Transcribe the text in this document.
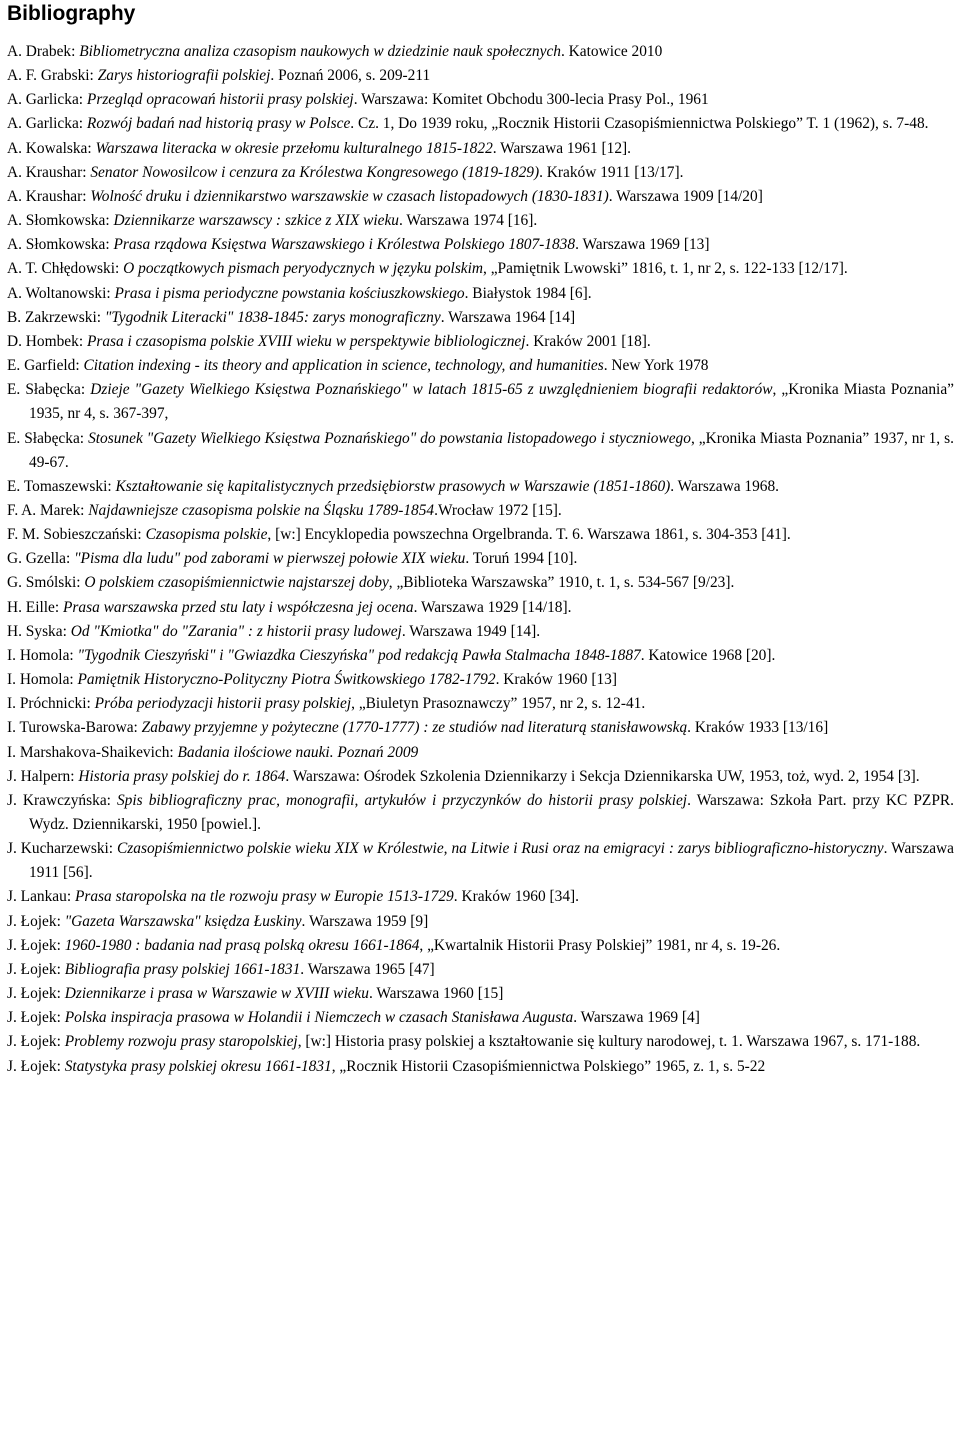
Bibliography
A. Drabek: Bibliometryczna analiza czasopism naukowych w dziedzinie nauk społecznych. Katowice 2010
A. F. Grabski: Zarys historiografii polskiej. Poznań 2006, s. 209-211
A. Garlicka: Przegląd opracowań historii prasy polskiej. Warszawa: Komitet Obchodu 300-lecia Prasy Pol., 1961
A. Garlicka: Rozwój badań nad historią prasy w Polsce. Cz. 1, Do 1939 roku, „Rocznik Historii Czasopiśmiennictwa Polskiego” T. 1 (1962), s. 7-48.
A. Kowalska: Warszawa literacka w okresie przełomu kulturalnego 1815-1822. Warszawa 1961 [12].
A. Kraushar: Senator Nowosilcow i cenzura za Królestwa Kongresowego (1819-1829). Kraków 1911 [13/17].
A. Kraushar: Wolność druku i dziennikarstwo warszawskie w czasach listopadowych (1830-1831). Warszawa 1909 [14/20]
A. Słomkowska: Dziennikarze warszawscy : szkice z XIX wieku. Warszawa 1974 [16].
A. Słomkowska: Prasa rządowa Księstwa Warszawskiego i Królestwa Polskiego 1807-1838. Warszawa 1969 [13]
A. T. Chłędowski: O początkowych pismach peryodycznych w języku polskim, „Pamiętnik Lwowski” 1816, t. 1, nr 2, s. 122-133 [12/17].
A. Woltanowski: Prasa i pisma periodyczne powstania kościuszkowskiego. Białystok 1984 [6].
B. Zakrzewski: "Tygodnik Literacki" 1838-1845: zarys monograficzny. Warszawa 1964 [14]
D. Hombek: Prasa i czasopisma polskie XVIII wieku w perspektywie bibliologicznej. Kraków 2001 [18].
E. Garfield: Citation indexing - its theory and application in science, technology, and humanities. New York 1978
E. Słabęcka: Dzieje "Gazety Wielkiego Księstwa Poznańskiego" w latach 1815-65 z uwzględnieniem biografii redaktorów, „Kronika Miasta Poznania” 1935, nr 4, s. 367-397,
E. Słabęcka: Stosunek "Gazety Wielkiego Księstwa Poznańskiego" do powstania listopadowego i styczniowego, „Kronika Miasta Poznania” 1937, nr 1, s. 49-67.
E. Tomaszewski: Kształtowanie się kapitalistycznych przedsiębiorstw prasowych w Warszawie (1851-1860). Warszawa 1968.
F. A. Marek: Najdawniejsze czasopisma polskie na Śląsku 1789-1854.Wrocław 1972 [15].
F. M. Sobieszczański: Czasopisma polskie, [w:] Encyklopedia powszechna Orgelbranda. T. 6. Warszawa 1861, s. 304-353 [41].
G. Gzella: "Pisma dla ludu" pod zaborami w pierwszej połowie XIX wieku. Toruń 1994 [10].
G. Smólski: O polskiem czasopiśmiennictwie najstarszej doby, „Biblioteka Warszawska” 1910, t. 1, s. 534-567 [9/23].
H. Eille: Prasa warszawska przed stu laty i współczesna jej ocena. Warszawa 1929 [14/18].
H. Syska: Od "Kmiotka" do "Zarania" : z historii prasy ludowej. Warszawa 1949 [14].
I. Homola: "Tygodnik Cieszyński" i "Gwiazdka Cieszyńska" pod redakcją Pawła Stalmacha 1848-1887. Katowice 1968 [20].
I. Homola: Pamiętnik Historyczno-Polityczny Piotra Świtkowskiego 1782-1792. Kraków 1960 [13]
I. Próchnicki: Próba periodyzacji historii prasy polskiej, „Biuletyn Prasoznawczy” 1957, nr 2, s. 12-41.
I. Turowska-Barowa: Zabawy przyjemne y pożyteczne (1770-1777) : ze studiów nad literaturą stanisławowską. Kraków 1933 [13/16]
I. Marshakova-Shaikevich: Badania ilościowe nauki. Poznań 2009
J. Halpern: Historia prasy polskiej do r. 1864. Warszawa: Ośrodek Szkolenia Dziennikarzy i Sekcja Dziennikarska UW, 1953, toż, wyd. 2, 1954 [3].
J. Krawczyńska: Spis bibliograficzny prac, monografii, artykułów i przyczynków do historii prasy polskiej. Warszawa: Szkoła Part. przy KC PZPR. Wydz. Dziennikarski, 1950 [powiel.].
J. Kucharzewski: Czasopiśmiennictwo polskie wieku XIX w Królestwie, na Litwie i Rusi oraz na emigracyi : zarys bibliograficzno-historyczny. Warszawa 1911 [56].
J. Lankau: Prasa staropolska na tle rozwoju prasy w Europie 1513-1729. Kraków 1960 [34].
J. Łojek: "Gazeta Warszawska" księdza Łuskiny. Warszawa 1959 [9]
J. Łojek: 1960-1980 : badania nad prasą polską okresu 1661-1864, „Kwartalnik Historii Prasy Polskiej” 1981, nr 4, s. 19-26.
J. Łojek: Bibliografia prasy polskiej 1661-1831. Warszawa 1965 [47]
J. Łojek: Dziennikarze i prasa w Warszawie w XVIII wieku. Warszawa 1960 [15]
J. Łojek: Polska inspiracja prasowa w Holandii i Niemczech w czasach Stanisława Augusta. Warszawa 1969 [4]
J. Łojek: Problemy rozwoju prasy staropolskiej, [w:] Historia prasy polskiej a kształtowanie się kultury narodowej, t. 1. Warszawa 1967, s. 171-188.
J. Łojek: Statystyka prasy polskiej okresu 1661-1831, „Rocznik Historii Czasopiśmiennictwa Polskiego” 1965, z. 1, s. 5-22
